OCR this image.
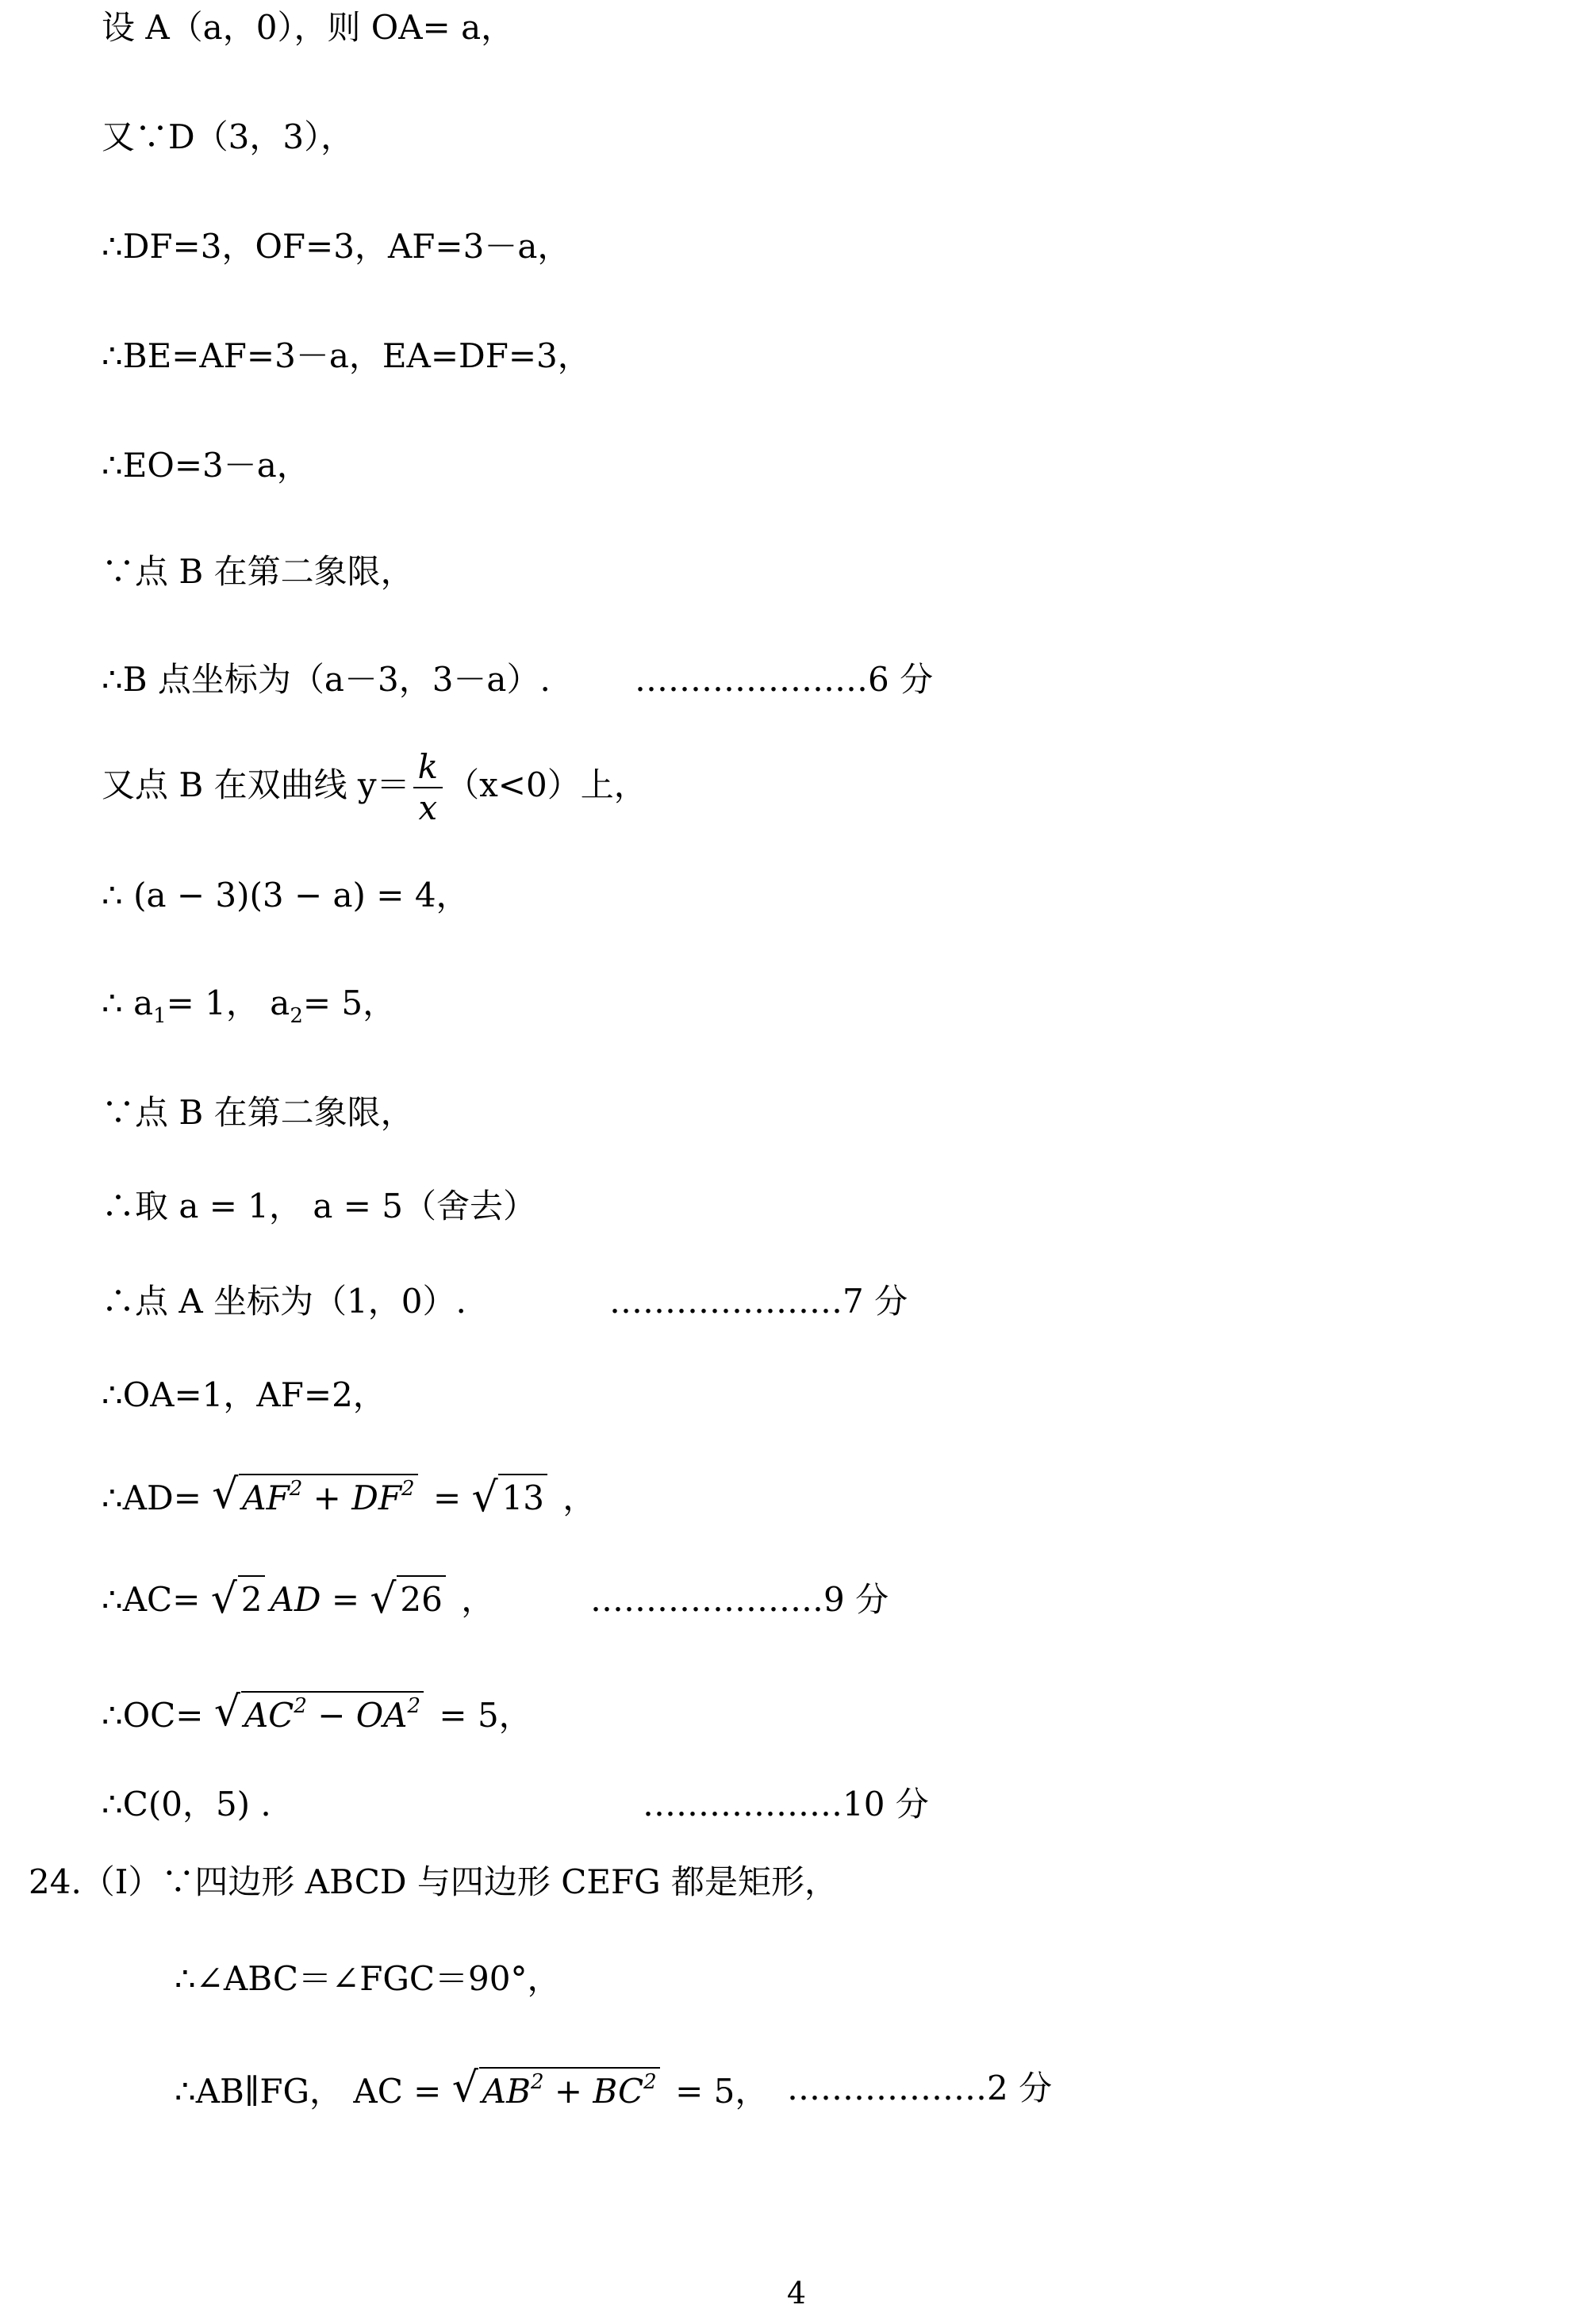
设 A（a，0），则 OA= a，
又∵D（3，3），
∴DF=3，OF=3，AF=3－a，
∴BE=AF=3－a，EA=DF=3，
∴EO=3－a，
∵点 B 在第二象限，
∴B 点坐标为（a－3，3－a）.	…………………6 分
又点 B 在双曲线 $y= \frac{k}{x} (x<0)$上，
∴ (a − 3)(3 − a) = 4，
∴ $a_1= 1$， $a_2= 5$，
∵点 B 在第二象限，
∴取 a = 1， a = 5（舍去）
∴点 A 坐标为（1，0）.	…………………7 分
∴OA=1，AF=2，
∴AD= √ $AF^2 + DF^2$ = √ 13 ，
∴AC= √ 2 AD = √ 26 ，	…………………9 分
∴OC= √ $AC^2 - OA^2 = 5$，
∴C(0，5) .	………………10 分
24.（Ⅰ）∵四边形 ABCD 与四边形 CEFG 都是矩形，
∴∠ABC＝∠FGC＝90°，
∴AB∥FG， AC = √ $AB^2 + BC^2 = 5$， ………………2 分
4
